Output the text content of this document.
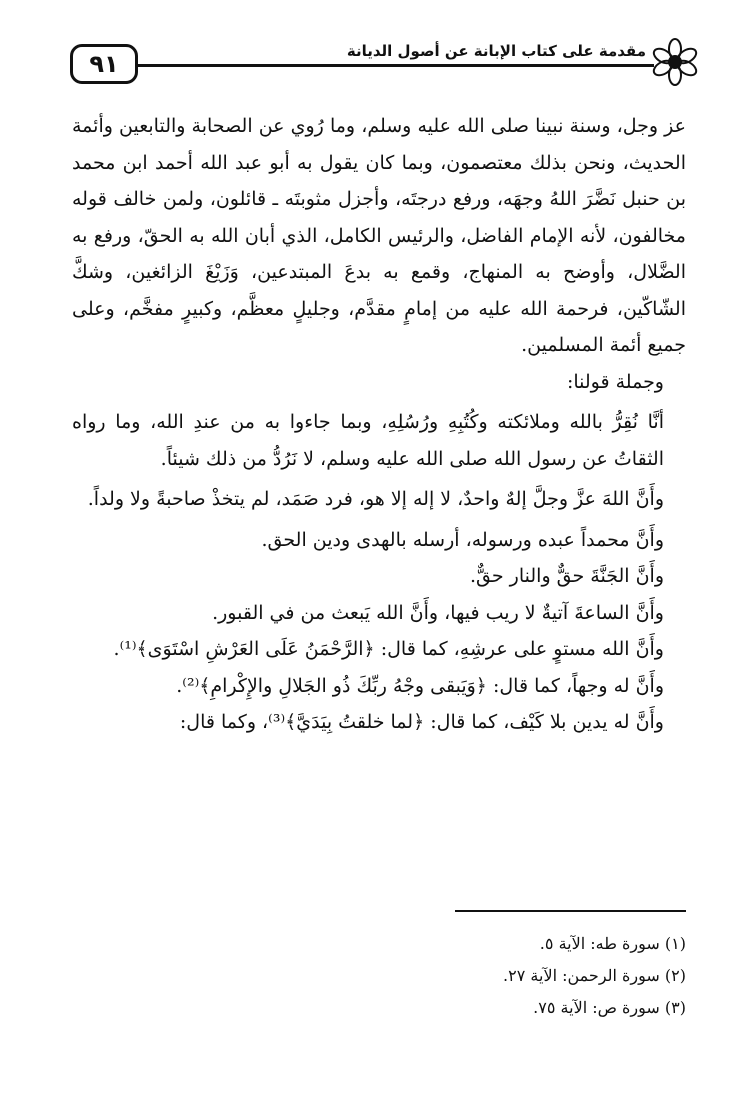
٩١	مقدمة على كتاب الإبانة عن أصول الديانة

عز وجل، وسنة نبينا صلى الله عليه وسلم، وما رُوي عن الصحابة والتابعين وأئمة الحديث، ونحن بذلك معتصمون، وبما كان يقول به أبو عبد الله أحمد ابن محمد بن حنبل نَضَّرَ اللهُ وجهَه، ورفع درجتَه، وأجزل مثوبتَه ـ قائلون، ولمن خالف قوله مخالفون، لأنه الإمام الفاضل، والرئيس الكامل، الذي أبان الله به الحقّ، ورفع به الضَّلال، وأوضح به المنهاج، وقمع به بدعَ المبتدعين، وَزَيْغَ الزائغين، وشكَّ الشّاكّين، فرحمة الله عليه من إمامٍ مقدَّم، وجليلٍ معظَّم، وكبيرٍ مفخَّم، وعلى جميع أئمة المسلمين.

وجملة قولنا:

أنَّا نُقِرُّ بالله وملائكته وكُتُبِهِ ورُسُلِهِ، وبما جاءوا به من عندِ الله، وما رواه الثقاتُ عن رسول الله صلى الله عليه وسلم، لا نَرُدُّ من ذلك شيئاً.

وأَنَّ اللهَ عزَّ وجلَّ إلهٌ واحدٌ، لا إله إلا هو، فرد صَمَد، لم يتخذْ صاحبةً ولا ولداً.

وأَنَّ محمداً عبده ورسوله، أرسله بالهدى ودين الحق.

وأَنَّ الجَنَّةَ حقٌّ والنار حقٌّ.

وأَنَّ الساعةَ آتيةٌ لا ريب فيها، وأَنَّ الله يَبعث من في القبور.

وأَنَّ الله مستوٍ على عرشِهِ، كما قال: ﴿الرَّحْمَنُ عَلَى العَرْشِ اسْتَوَى﴾⁽¹⁾.

وأَنَّ له وجهاً، كما قال: ﴿وَيَبقى وجْهُ ربِّكَ ذُو الجَلالِ والإِكْرامِ﴾⁽²⁾.

وأَنَّ له يدين بلا كَيْف، كما قال: ﴿لما خلقتُ بِيَدَيَّ﴾⁽³⁾، وكما قال:

(١) سورة طه: الآية ٥.
(٢) سورة الرحمن: الآية ٢٧.
(٣) سورة ص: الآية ٧٥.
